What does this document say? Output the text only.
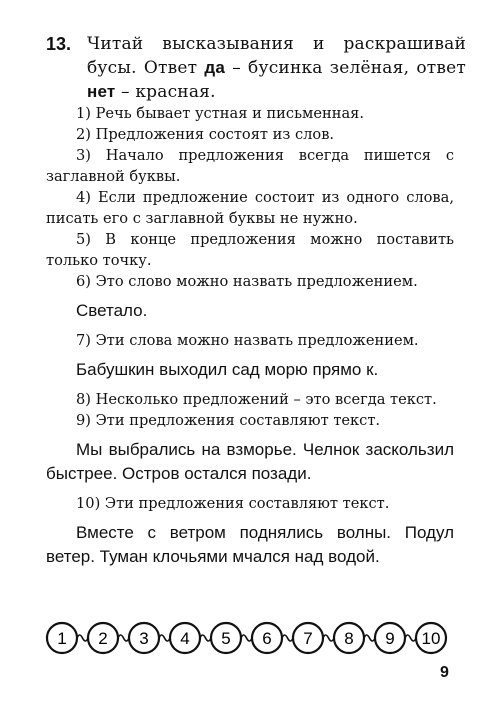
13. Читай высказывания и раскрашивай бусы. Ответ да – бусинка зелёная, ответ нет – красная.

1) Речь бывает устная и письменная.

2) Предложения состоят из слов.

3) Начало предложения всегда пишется с заглавной буквы.

4) Если предложение состоит из одного слова, писать его с заглавной буквы не нужно.

5) В конце предложения можно поставить только точку.

6) Это слово можно назвать предложением.

Светало.

7) Эти слова можно назвать предложением.

Бабушкин выходил сад морю прямо к.

8) Несколько предложений – это всегда текст.

9) Эти предложения составляют текст.

Мы выбрались на взморье. Челнок заскользил быстрее. Остров остался позади.

10) Эти предложения составляют текст.

Вместе с ветром поднялись волны. Подул ветер. Туман клочьями мчался над водой.

1 2 3 4 5 6 7 8 9 10
9
